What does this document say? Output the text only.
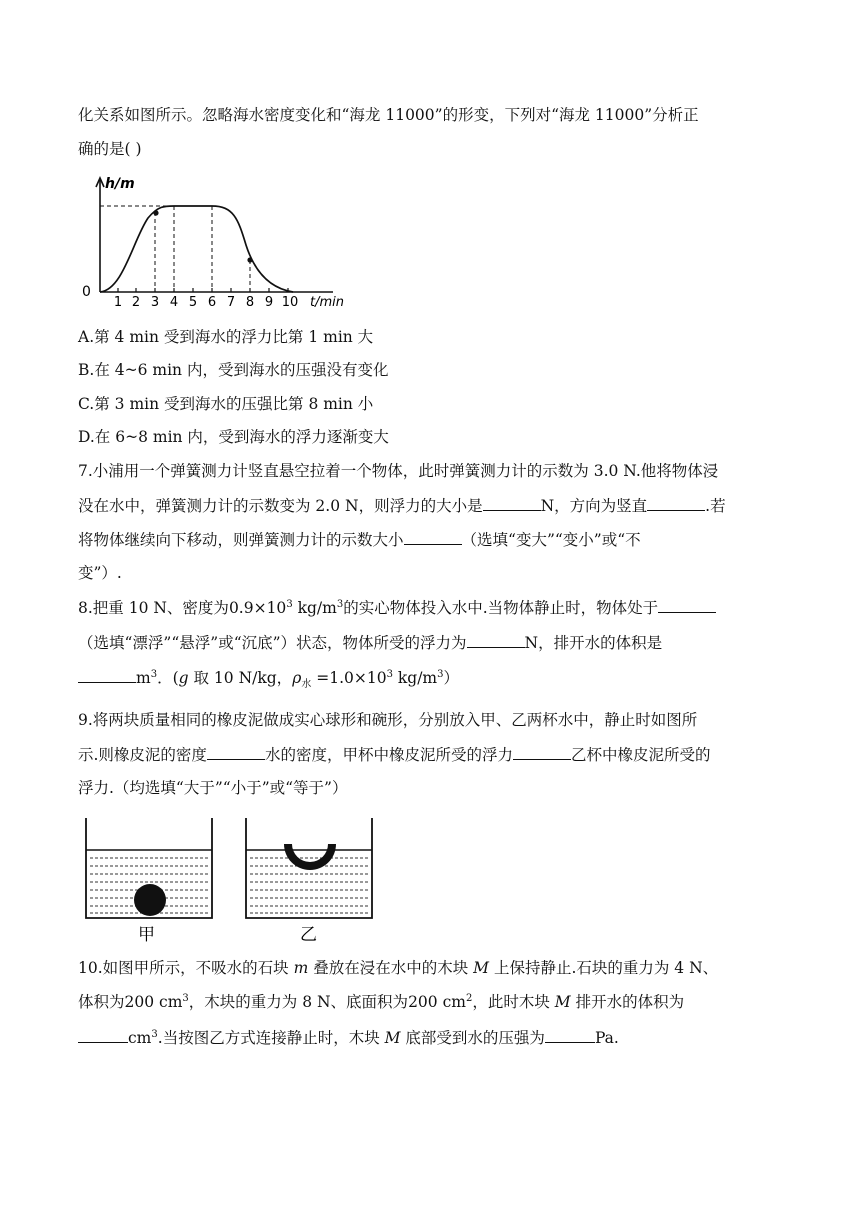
化关系如图所示。忽略海水密度变化和“海龙 11000”的形变，下列对“海龙 11000”分析正
确的是( )
0
h/m
1 2 3 4 5 6 7 8 9 10 t/min
A.第 4 min 受到海水的浮力比第 1 min 大
B.在 4~6 min 内，受到海水的压强没有变化
C.第 3 min 受到海水的压强比第 8 min 小
D.在 6~8 min 内，受到海水的浮力逐渐变大
7.小浦用一个弹簧测力计竖直悬空拉着一个物体，此时弹簧测力计的示数为 3.0 N.他将物体浸
没在水中，弹簧测力计的示数变为 2.0 N，则浮力的大小是	N，方向为竖直	.若
将物体继续向下移动，则弹簧测力计的示数大小	（选填“变大”“变小”或“不
变”）.
8.把重 10 N、密度为$0.9\times 10^3$ $kg/m^3$的实心物体投入水中.当物体静止时，物体处于
（选填“漂浮”“悬浮”或“沉底”）状态，物体所受的浮力为	N，排开水的体积是
$m^3$．(g 取 10 N/kg，$\rho_水 =1.0\times 10^3$ $kg/m^3$）
9.将两块质量相同的橡皮泥做成实心球形和碗形，分别放入甲、乙两杯水中，静止时如图所
示.则橡皮泥的密度	水的密度，甲杯中橡皮泥所受的浮力	乙杯中橡皮泥所受的
浮力.（均选填“大于”“小于”或“等于”）
甲	乙
10.如图甲所示，不吸水的石块 m 叠放在浸在水中的木块 M 上保持静止.石块的重力为 4 N、
体积为200 $cm^3$，木块的重力为 8 N、底面积为200 $cm^2$，此时木块 M 排开水的体积为
$cm^3$.当按图乙方式连接静止时，木块 M 底部受到水的压强为	Pa.
